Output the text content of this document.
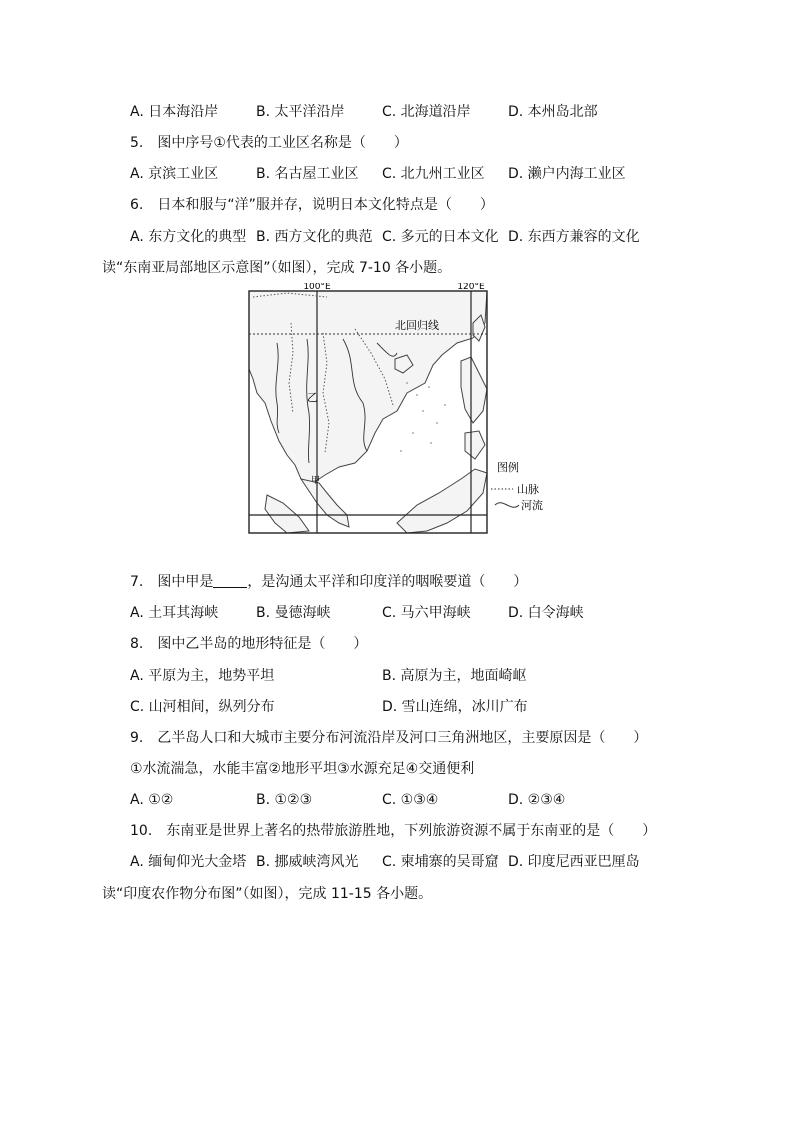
A. 日本海沿岸	B. 太平洋沿岸	C. 北海道沿岸	D. 本州岛北部
5.　图中序号①代表的工业区名称是（　　）
A. 京滨工业区	B. 名古屋工业区 C. 北九州工业区 D. 濑户内海工业区
6.　日本和服与“洋”服并存，说明日本文化特点是（　　）
A. 东方文化的典型 B. 西方文化的典范 C. 多元的日本文化 D. 东西方兼容的文化
读“东南亚局部地区示意图”（如图），完成 7-10 各小题。
100°E	120°E
北回归线
乙
甲
图例
山脉
河流
7.　图中甲是 ，是沟通太平洋和印度洋的咽喉要道（　　）
A. 土耳其海峡	B. 曼德海峡	C. 马六甲海峡	D. 白令海峡
8.　图中乙半岛的地形特征是（　　）
A. 平原为主，地势平坦	B. 高原为主，地面崎岖
C. 山河相间，纵列分布	D. 雪山连绵，冰川广布
9.　乙半岛人口和大城市主要分布河流沿岸及河口三角洲地区，主要原因是（　　）
①水流湍急，水能丰富②地形平坦③水源充足④交通便利
A. ①②	B. ①②③	C. ①③④	D. ②③④
10.　东南亚是世界上著名的热带旅游胜地，下列旅游资源不属于东南亚的是（　　）
A. 缅甸仰光大金塔 B. 挪威峡湾风光 C. 柬埔寨的吴哥窟 D. 印度尼西亚巴厘岛
读“印度农作物分布图”（如图），完成 11-15 各小题。
